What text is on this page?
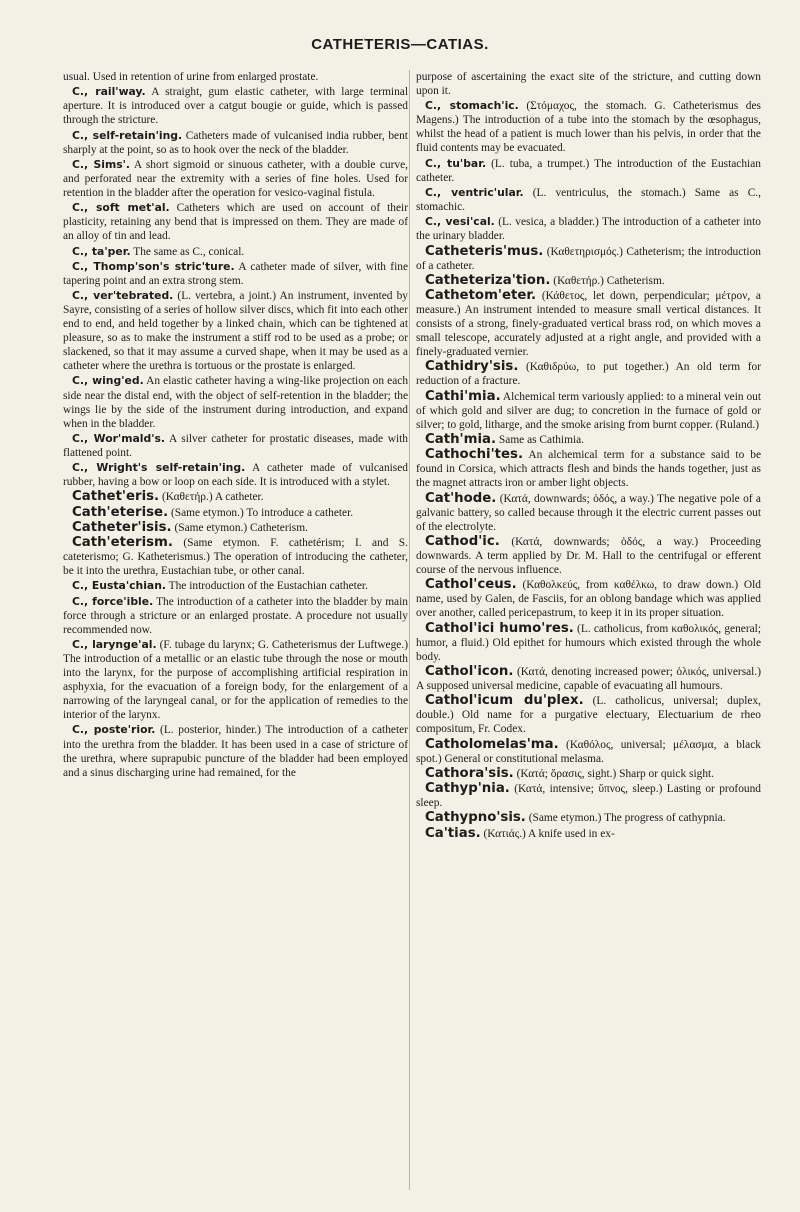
CATHETERIS—CATIAS.

usual. Used in retention of urine from enlarged prostate.

C., rail'way. A straight, gum elastic catheter, with large terminal aperture. It is introduced over a catgut bougie or guide, which is passed through the stricture.

C., self-retain'ing. Catheters made of vulcanised india rubber, bent sharply at the point, so as to hook over the neck of the bladder.

C., Sims'. A short sigmoid or sinuous catheter, with a double curve, and perforated near the extremity with a series of fine holes. Used for retention in the bladder after the operation for vesico-vaginal fistula.

C., soft met'al. Catheters which are used on account of their plasticity, retaining any bend that is impressed on them. They are made of an alloy of tin and lead.

C., ta'per. The same as C., conical.

C., Thomp'son's stric'ture. A catheter made of silver, with fine tapering point and an extra strong stem.

C., ver'tebrated. (L. vertebra, a joint.) An instrument, invented by Sayre, consisting of a series of hollow silver discs, which fit into each other end to end, and held together by a linked chain, which can be tightened at pleasure, so as to make the instrument a stiff rod to be used as a probe; or slackened, so that it may assume a curved shape, when it may be used as a catheter where the urethra is tortuous or the prostate is enlarged.

C., wing'ed. An elastic catheter having a wing-like projection on each side near the distal end, with the object of self-retention in the bladder; the wings lie by the side of the instrument during introduction, and expand when in the bladder.

C., Wor'mald's. A silver catheter for prostatic diseases, made with flattened point.

C., Wright's self-retain'ing. A catheter made of vulcanised rubber, having a bow or loop on each side. It is introduced with a stylet.

Cathet'eris. (Καθετήρ.) A catheter.

Cath'eterise. (Same etymon.) To introduce a catheter.

Catheter'isis. (Same etymon.) Catheterism.

Cath'eterism. (Same etymon. F. cathetérism; I. and S. cateterismo; G. Katheterismus.) The operation of introducing the catheter, be it into the urethra, Eustachian tube, or other canal.

C., Eusta'chian. The introduction of the Eustachian catheter.

C., force'ible. The introduction of a catheter into the bladder by main force through a stricture or an enlarged prostate. A procedure not usually recommended now.

C., larynge'al. (F. tubage du larynx; G. Catheterismus der Luftwege.) The introduction of a metallic or an elastic tube through the nose or mouth into the larynx, for the purpose of accomplishing artificial respiration in asphyxia, for the evacuation of a foreign body, for the enlargement of a narrowing of the laryngeal canal, or for the application of remedies to the interior of the larynx.

C., poste'rior. (L. posterior, hinder.) The introduction of a catheter into the urethra from the bladder. It has been used in a case of stricture of the urethra, where suprapubic puncture of the bladder had been employed and a sinus discharging urine had remained, for the

purpose of ascertaining the exact site of the stricture, and cutting down upon it.

C., stomach'ic. (Στόμαχος, the stomach. G. Catheterismus des Magens.) The introduction of a tube into the stomach by the œsophagus, whilst the head of a patient is much lower than his pelvis, in order that the fluid contents may be evacuated.

C., tu'bar. (L. tuba, a trumpet.) The introduction of the Eustachian catheter.

C., ventric'ular. (L. ventriculus, the stomach.) Same as C., stomachic.

C., vesi'cal. (L. vesica, a bladder.) The introduction of a catheter into the urinary bladder.

Catheteris'mus. (Καθετηρισμός.) Catheterism; the introduction of a catheter.

Catheteriza'tion. (Καθετήρ.) Catheterism.

Cathetom'eter. (Κάθετος, let down, perpendicular; μέτρον, a measure.) An instrument intended to measure small vertical distances. It consists of a strong, finely-graduated vertical brass rod, on which moves a small telescope, accurately adjusted at a right angle, and provided with a finely-graduated vernier.

Cathidry'sis. (Καθιδρύω, to put together.) An old term for reduction of a fracture.

Cathi'mia. Alchemical term variously applied: to a mineral vein out of which gold and silver are dug; to concretion in the furnace of gold or silver; to gold, litharge, and the smoke arising from burnt copper. (Ruland.)

Cath'mia. Same as Cathimia.

Cathochi'tes. An alchemical term for a substance said to be found in Corsica, which attracts flesh and binds the hands together, just as the magnet attracts iron or amber light objects.

Cat'hode. (Κατά, downwards; ὁδός, a way.) The negative pole of a galvanic battery, so called because through it the electric current passes out of the electrolyte.

Cathod'ic. (Κατά, downwards; ὁδός, a way.) Proceeding downwards. A term applied by Dr. M. Hall to the centrifugal or efferent course of the nervous influence.

Cathol'ceus. (Καθολκεύς, from καθέλκω, to draw down.) Old name, used by Galen, de Fasciis, for an oblong bandage which was applied over another, called pericepastrum, to keep it in its proper situation.

Cathol'ici humo'res. (L. catholicus, from καθολικός, general; humor, a fluid.) Old epithet for humours which existed through the whole body.

Cathol'icon. (Κατά, denoting increased power; ὁλικός, universal.) A supposed universal medicine, capable of evacuating all humours.

Cathol'icum du'plex. (L. catholicus, universal; duplex, double.) Old name for a purgative electuary, Electuarium de rheo compositum, Fr. Codex.

Catholomelas'ma. (Καθόλος, universal; μέλασμα, a black spot.) General or constitutional melasma.

Cathora'sis. (Κατά; ὅρασις, sight.) Sharp or quick sight.

Cathyp'nia. (Κατά, intensive; ὕπνος, sleep.) Lasting or profound sleep.

Cathypno'sis. (Same etymon.) The progress of cathypnia.

Ca'tias. (Κατιάς.) A knife used in ex-
